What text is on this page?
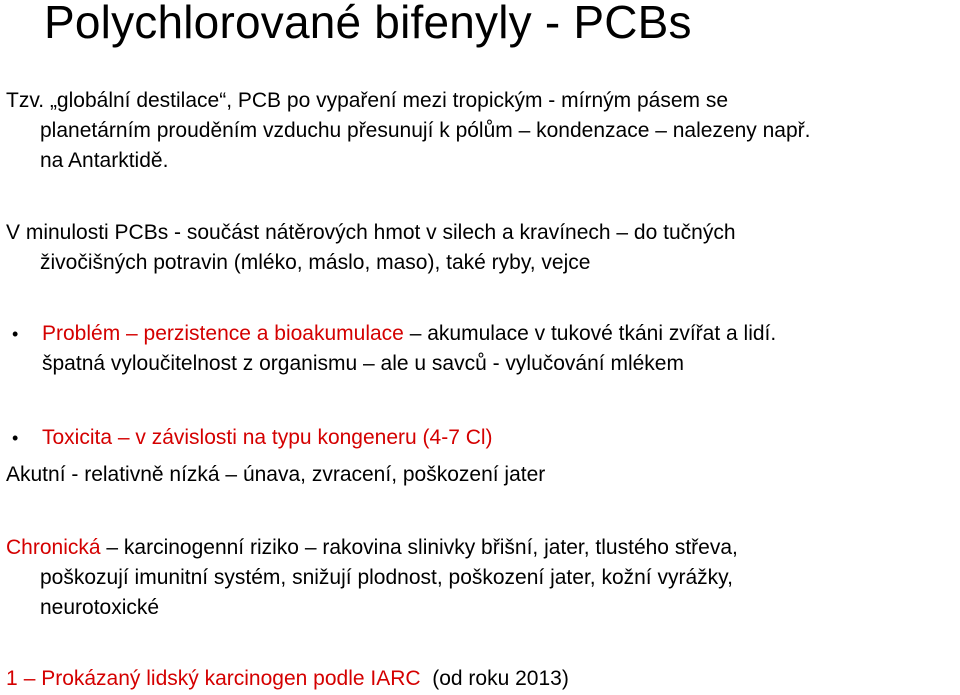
Polychlorované bifenyly - PCBs
Tzv. „globální destilace“, PCB po vypaření mezi tropickým - mírným pásem se
planetárním prouděním vzduchu přesunují k pólům – kondenzace – nalezeny např.
na Antarktidě.
V minulosti PCBs - součást nátěrových hmot v silech a kravínech – do tučných
živočišných potravin (mléko, máslo, maso), také ryby, vejce
• Problém – perzistence a bioakumulace – akumulace v tukové tkáni zvířat a lidí.
špatná vyloučitelnost z organismu – ale u savců - vylučování mlékem
• Toxicita – v závislosti na typu kongeneru (4-7 Cl)
Akutní - relativně nízká – únava, zvracení, poškození jater
Chronická – karcinogenní riziko – rakovina slinivky břišní, jater, tlustého střeva,
poškozují imunitní systém, snižují plodnost, poškození jater, kožní vyrážky,
neurotoxické
1 – Prokázaný lidský karcinogen podle IARC (od roku 2013)
